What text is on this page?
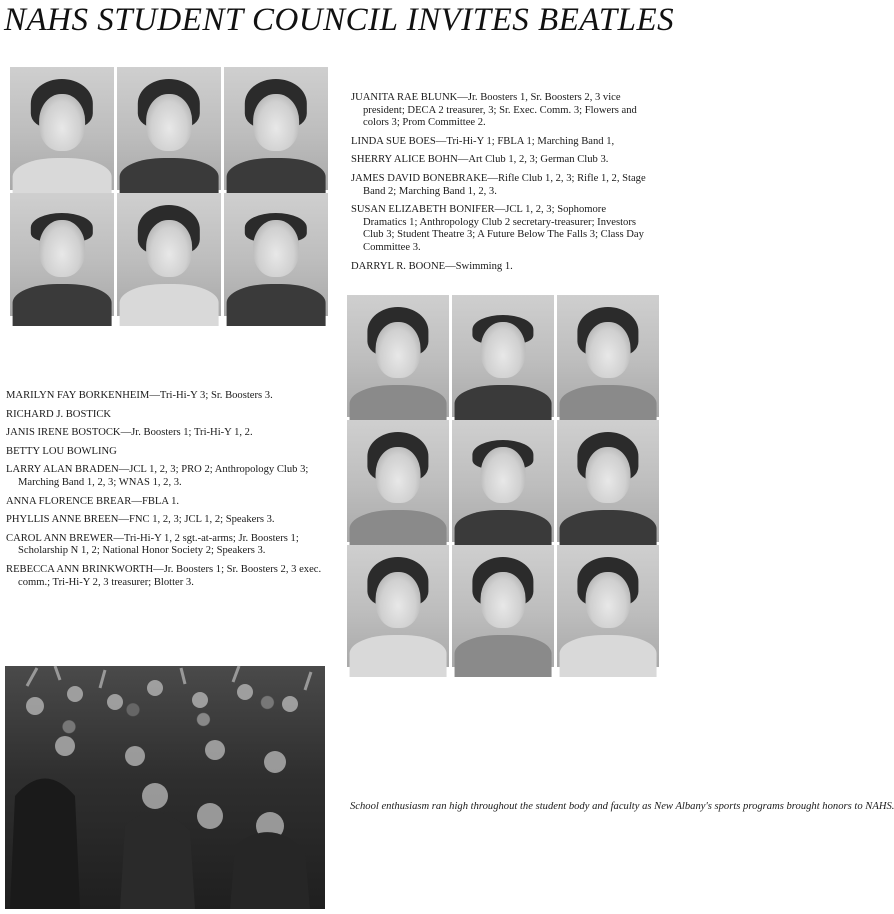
NAHS STUDENT COUNCIL INVITES BEATLES

JUANITA RAE BLUNK—Jr. Boosters 1, Sr. Boosters 2, 3 vice president; DECA 2 treasurer, 3; Sr. Exec. Comm. 3; Flowers and colors 3; Prom Committee 2.

LINDA SUE BOES—Tri-Hi-Y 1; FBLA 1; Marching Band 1,

SHERRY ALICE BOHN—Art Club 1, 2, 3; German Club 3.

JAMES DAVID BONEBRAKE—Rifle Club 1, 2, 3; Rifle 1, 2, Stage Band 2; Marching Band 1, 2, 3.

SUSAN ELIZABETH BONIFER—JCL 1, 2, 3; Sophomore Dramatics 1; Anthropology Club 2 secretary-treasurer; Investors Club 3; Student Theatre 3; A Future Below The Falls 3; Class Day Committee 3.

DARRYL R. BOONE—Swimming 1.

MARILYN FAY BORKENHEIM—Tri-Hi-Y 3; Sr. Boosters 3.

RICHARD J. BOSTICK

JANIS IRENE BOSTOCK—Jr. Boosters 1; Tri-Hi-Y 1, 2.

BETTY LOU BOWLING

LARRY ALAN BRADEN—JCL 1, 2, 3; PRO 2; Anthropology Club 3; Marching Band 1, 2, 3; WNAS 1, 2, 3.

ANNA FLORENCE BREAR—FBLA 1.

PHYLLIS ANNE BREEN—FNC 1, 2, 3; JCL 1, 2; Speakers 3.

CAROL ANN BREWER—Tri-Hi-Y 1, 2 sgt.-at-arms; Jr. Boosters 1; Scholarship N 1, 2; National Honor Society 2; Speakers 3.

REBECCA ANN BRINKWORTH—Jr. Boosters 1; Sr. Boosters 2, 3 exec. comm.; Tri-Hi-Y 2, 3 treasurer; Blotter 3.

School enthusiasm ran high throughout the student body and faculty as New Albany's sports programs brought honors to NAHS.
